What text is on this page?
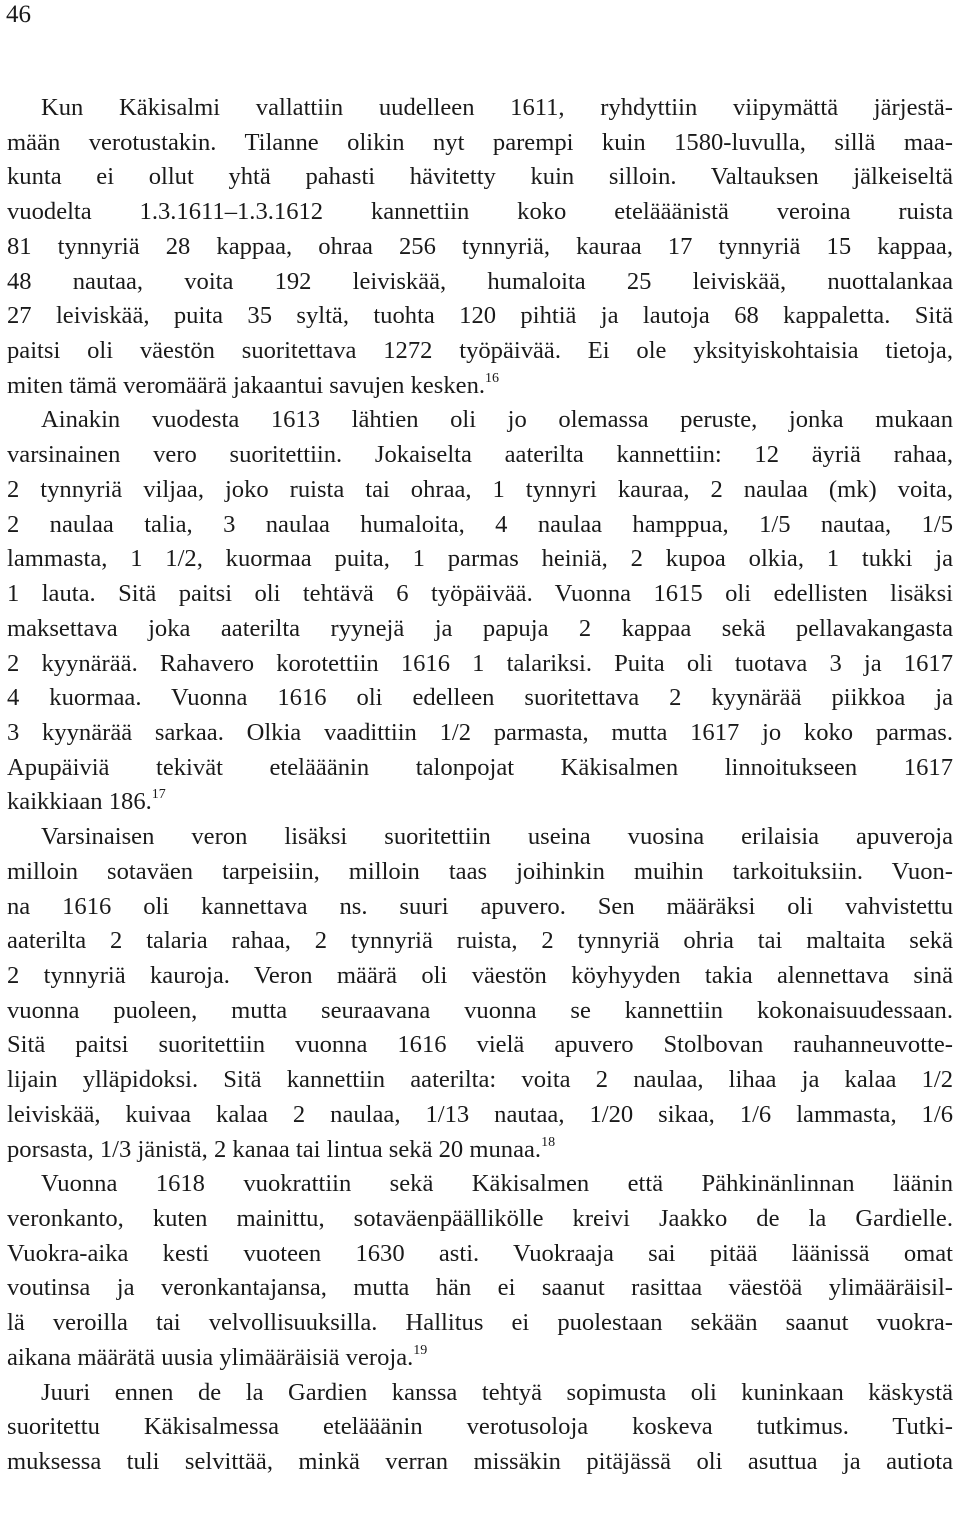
46

Kun Käkisalmi vallattiin uudelleen 1611, ryhdyttiin viipymättä järjestä-
mään verotustakin. Tilanne olikin nyt parempi kuin 1580-luvulla, sillä maa-
kunta ei ollut yhtä pahasti hävitetty kuin silloin. Valtauksen jälkeiseltä
vuodelta 1.3.1611–1.3.1612 kannettiin koko etelääänistä veroina ruista
81 tynnyriä 28 kappaa, ohraa 256 tynnyriä, kauraa 17 tynnyriä 15 kappaa,
48 nautaa, voita 192 leiviskää, humaloita 25 leiviskää, nuottalankaa
27 leiviskää, puita 35 syltä, tuohta 120 pihtiä ja lautoja 68 kappaletta. Sitä
paitsi oli väestön suoritettava 1272 työpäivää. Ei ole yksityiskohtaisia tietoja,
miten tämä veromäärä jakaantui savujen kesken.$^{16}$

Ainakin vuodesta 1613 lähtien oli jo olemassa peruste, jonka mukaan
varsinainen vero suoritettiin. Jokaiselta aaterilta kannettiin: 12 äyriä rahaa,
2 tynnyriä viljaa, joko ruista tai ohraa, 1 tynnyri kauraa, 2 naulaa (mk) voita,
2 naulaa talia, 3 naulaa humaloita, 4 naulaa hamppua, 1/5 nautaa, 1/5
lammasta, 1 1/2, kuormaa puita, 1 parmas heiniä, 2 kupoa olkia, 1 tukki ja
1 lauta. Sitä paitsi oli tehtävä 6 työpäivää. Vuonna 1615 oli edellisten lisäksi
maksettava joka aaterilta ryynejä ja papuja 2 kappaa sekä pellavakangasta
2 kyynärää. Rahavero korotettiin 1616 1 talariksi. Puita oli tuotava 3 ja 1617
4 kuormaa. Vuonna 1616 oli edelleen suoritettava 2 kyynärää piikkoa ja
3 kyynärää sarkaa. Olkia vaadittiin 1/2 parmasta, mutta 1617 jo koko parmas.
Apupäiviä tekivät etelääänin talonpojat Käkisalmen linnoitukseen 1617
kaikkiaan 186.17

Varsinaisen veron lisäksi suoritettiin useina vuosina erilaisia apuveroja
milloin sotaväen tarpeisiin, milloin taas joihinkin muihin tarkoituksiin. Vuon-
na 1616 oli kannettava ns. suuri apuvero. Sen määräksi oli vahvistettu
aaterilta 2 talaria rahaa, 2 tynnyriä ruista, 2 tynnyriä ohria tai maltaita sekä
2 tynnyriä kauroja. Veron määrä oli väestön köyhyyden takia alennettava sinä
vuonna puoleen, mutta seuraavana vuonna se kannettiin kokonaisuudessaan.
Sitä paitsi suoritettiin vuonna 1616 vielä apuvero Stolbovan rauhanneuvotte-
lijain ylläpidoksi. Sitä kannettiin aaterilta: voita 2 naulaa, lihaa ja kalaa 1/2
leiviskää, kuivaa kalaa 2 naulaa, 1/13 nautaa, 1/20 sikaa, 1/6 lammasta, 1/6
porsasta, 1/3 jänistä, 2 kanaa tai lintua sekä 20 munaa.$^{18}$

Vuonna 1618 vuokrattiin sekä Käkisalmen että Pähkinänlinnan läänin
veronkanto, kuten mainittu, sotaväenpäällikölle kreivi Jaakko de la Gardielle.
Vuokra-aika kesti vuoteen 1630 asti. Vuokraaja sai pitää läänissä omat
voutinsa ja veronkantajansa, mutta hän ei saanut rasittaa väestöä ylimääräisil-
lä veroilla tai velvollisuuksilla. Hallitus ei puolestaan sekään saanut vuokra-
aikana määrätä uusia ylimääräisiä veroja.$^{19}$

Juuri ennen de la Gardien kanssa tehtyä sopimusta oli kuninkaan käskystä
suoritettu Käkisalmessa etelääänin verotusoloja koskeva tutkimus. Tutki-
muksessa tuli selvittää, minkä verran missäkin pitäjässä oli asuttua ja autiota
